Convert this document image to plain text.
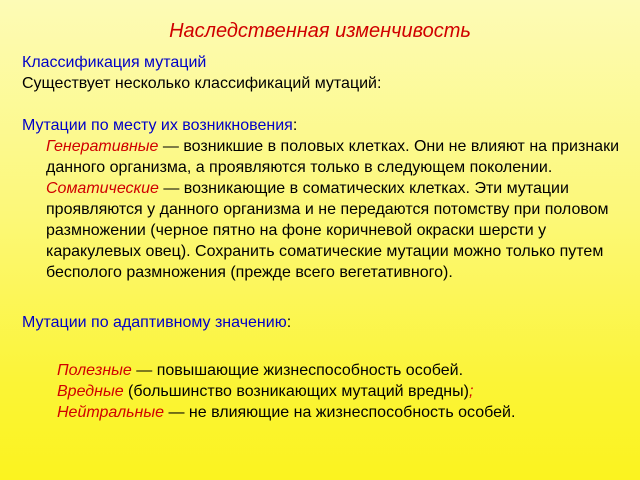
Наследственная изменчивость

Классификация мутаций

Существует несколько классификаций мутаций:

Мутации по месту их возникновения:

Генеративные — возникшие в половых клетках. Они не влияют на признаки данного организма, а проявляются только в следующем поколении.

Соматические — возникающие в соматических клетках. Эти мутации проявляются у данного организма и не передаются потомству при половом размножении (черное пятно на фоне коричневой окраски шерсти у каракулевых овец). Сохранить соматические мутации можно только путем бесполого размножения (прежде всего вегетативного).

Мутации по адаптивному значению:

Полезные — повышающие жизнеспособность особей.

Вредные (большинство возникающих мутаций вредны);

Нейтральные — не влияющие на жизнеспособность особей.
